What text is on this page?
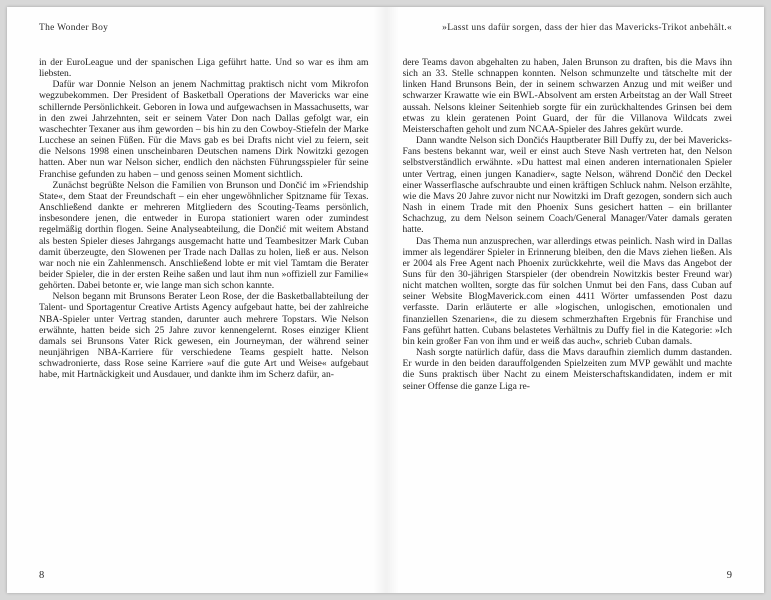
The Wonder Boy

in der EuroLeague und der spanischen Liga geführt hatte. Und so war es ihm am liebsten.

Dafür war Donnie Nelson an jenem Nachmittag praktisch nicht vom Mikrofon wegzubekommen. Der President of Basketball Operations der Mavericks war eine schillernde Persönlichkeit. Geboren in Iowa und aufgewachsen in Massachusetts, war in den zwei Jahrzehnten, seit er seinem Vater Don nach Dallas gefolgt war, ein waschechter Texaner aus ihm geworden – bis hin zu den Cowboy-Stiefeln der Marke Lucchese an seinen Füßen. Für die Mavs gab es bei Drafts nicht viel zu feiern, seit die Nelsons 1998 einen unscheinbaren Deutschen namens Dirk Nowitzki gezogen hatten. Aber nun war Nelson sicher, endlich den nächsten Führungsspieler für seine Franchise gefunden zu haben – und genoss seinen Moment sichtlich.

Zunächst begrüßte Nelson die Familien von Brunson und Dončić im »Friendship State«, dem Staat der Freundschaft – ein eher ungewöhnlicher Spitzname für Texas. Anschließend dankte er mehreren Mitgliedern des Scouting-Teams persönlich, insbesondere jenen, die entweder in Europa stationiert waren oder zumindest regelmäßig dorthin flogen. Seine Analyseabteilung, die Dončić mit weitem Abstand als besten Spieler dieses Jahrgangs ausgemacht hatte und Teambesitzer Mark Cuban damit überzeugte, den Slowenen per Trade nach Dallas zu holen, ließ er aus. Nelson war noch nie ein Zahlenmensch. Anschließend lobte er mit viel Tamtam die Berater beider Spieler, die in der ersten Reihe saßen und laut ihm nun »offiziell zur Familie« gehörten. Dabei betonte er, wie lange man sich schon kannte.

Nelson begann mit Brunsons Berater Leon Rose, der die Basketballabteilung der Talent- und Sportagentur Creative Artists Agency aufgebaut hatte, bei der zahlreiche NBA-Spieler unter Vertrag standen, darunter auch mehrere Topstars. Wie Nelson erwähnte, hatten beide sich 25 Jahre zuvor kennengelernt. Roses einziger Klient damals sei Brunsons Vater Rick gewesen, ein Journeyman, der während seiner neunjährigen NBA-Karriere für verschiedene Teams gespielt hatte. Nelson schwadronierte, dass Rose seine Karriere »auf die gute Art und Weise« aufgebaut habe, mit Hartnäckigkeit und Ausdauer, und dankte ihm im Scherz dafür, an-

8
»Lasst uns dafür sorgen, dass der hier das Mavericks-Trikot anbehält.«

dere Teams davon abgehalten zu haben, Jalen Brunson zu draften, bis die Mavs ihn sich an 33. Stelle schnappen konnten. Nelson schmunzelte und tätschelte mit der linken Hand Brunsons Bein, der in seinem schwarzen Anzug und mit weißer und schwarzer Krawatte wie ein BWL-Absolvent am ersten Arbeitstag an der Wall Street aussah. Nelsons kleiner Seitenhieb sorgte für ein zurückhaltendes Grinsen bei dem etwas zu klein geratenen Point Guard, der für die Villanova Wildcats zwei Meisterschaften geholt und zum NCAA-Spieler des Jahres gekürt wurde.

Dann wandte Nelson sich Dončićs Hauptberater Bill Duffy zu, der bei Mavericks-Fans bestens bekannt war, weil er einst auch Steve Nash vertreten hat, den Nelson selbstverständlich erwähnte. »Du hattest mal einen anderen internationalen Spieler unter Vertrag, einen jungen Kanadier«, sagte Nelson, während Dončić den Deckel einer Wasserflasche aufschraubte und einen kräftigen Schluck nahm. Nelson erzählte, wie die Mavs 20 Jahre zuvor nicht nur Nowitzki im Draft gezogen, sondern sich auch Nash in einem Trade mit den Phoenix Suns gesichert hatten – ein brillanter Schachzug, zu dem Nelson seinem Coach/General Manager/Vater damals geraten hatte.

Das Thema nun anzusprechen, war allerdings etwas peinlich. Nash wird in Dallas immer als legendärer Spieler in Erinnerung bleiben, den die Mavs ziehen ließen. Als er 2004 als Free Agent nach Phoenix zurückkehrte, weil die Mavs das Angebot der Suns für den 30-jährigen Starspieler (der obendrein Nowitzkis bester Freund war) nicht matchen wollten, sorgte das für solchen Unmut bei den Fans, dass Cuban auf seiner Website BlogMaverick.com einen 4411 Wörter umfassenden Post dazu verfasste. Darin erläuterte er alle »logischen, unlogischen, emotionalen und finanziellen Szenarien«, die zu diesem schmerzhaften Ergebnis für Franchise und Fans geführt hatten. Cubans belastetes Verhältnis zu Duffy fiel in die Kategorie: »Ich bin kein großer Fan von ihm und er weiß das auch«, schrieb Cuban damals.

Nash sorgte natürlich dafür, dass die Mavs daraufhin ziemlich dumm dastanden. Er wurde in den beiden darauffolgenden Spielzeiten zum MVP gewählt und machte die Suns praktisch über Nacht zu einem Meisterschaftskandidaten, indem er mit seiner Offense die ganze Liga re-

9
